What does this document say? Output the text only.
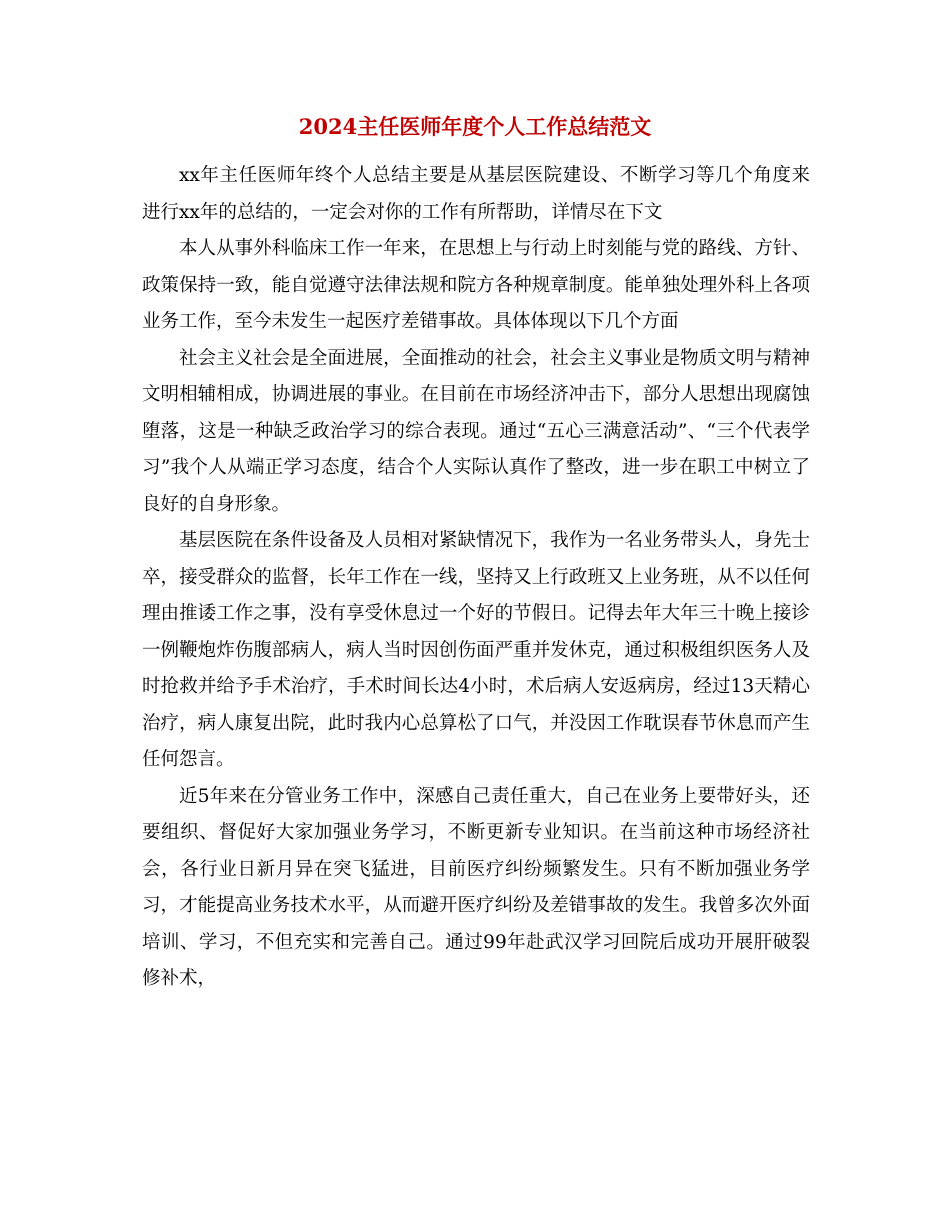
2024主任医师年度个人工作总结范文

xx年主任医师年终个人总结主要是从基层医院建设、不断学习等几个角度来进行xx年的总结的，一定会对你的工作有所帮助，详情尽在下文

本人从事外科临床工作一年来，在思想上与行动上时刻能与党的路线、方针、政策保持一致，能自觉遵守法律法规和院方各种规章制度。能单独处理外科上各项业务工作，至今未发生一起医疗差错事故。具体体现以下几个方面

社会主义社会是全面进展，全面推动的社会，社会主义事业是物质文明与精神文明相辅相成，协调进展的事业。在目前在市场经济冲击下，部分人思想出现腐蚀堕落，这是一种缺乏政治学习的综合表现。通过“五心三满意活动”、“三个代表学习”我个人从端正学习态度，结合个人实际认真作了整改，进一步在职工中树立了良好的自身形象。

基层医院在条件设备及人员相对紧缺情况下，我作为一名业务带头人，身先士卒，接受群众的监督，长年工作在一线，坚持又上行政班又上业务班，从不以任何理由推诿工作之事，没有享受休息过一个好的节假日。记得去年大年三十晚上接诊一例鞭炮炸伤腹部病人，病人当时因创伤面严重并发休克，通过积极组织医务人及时抢救并给予手术治疗，手术时间长达4小时，术后病人安返病房，经过13天精心治疗，病人康复出院，此时我内心总算松了口气，并没因工作耽误春节休息而产生任何怨言。

近5年来在分管业务工作中，深感自己责任重大，自己在业务上要带好头，还要组织、督促好大家加强业务学习，不断更新专业知识。在当前这种市场经济社会，各行业日新月异在突飞猛进，目前医疗纠纷频繁发生。只有不断加强业务学习，才能提高业务技术水平，从而避开医疗纠纷及差错事故的发生。我曾多次外面培训、学习，不但充实和完善自己。通过99年赴武汉学习回院后成功开展肝破裂修补术，
